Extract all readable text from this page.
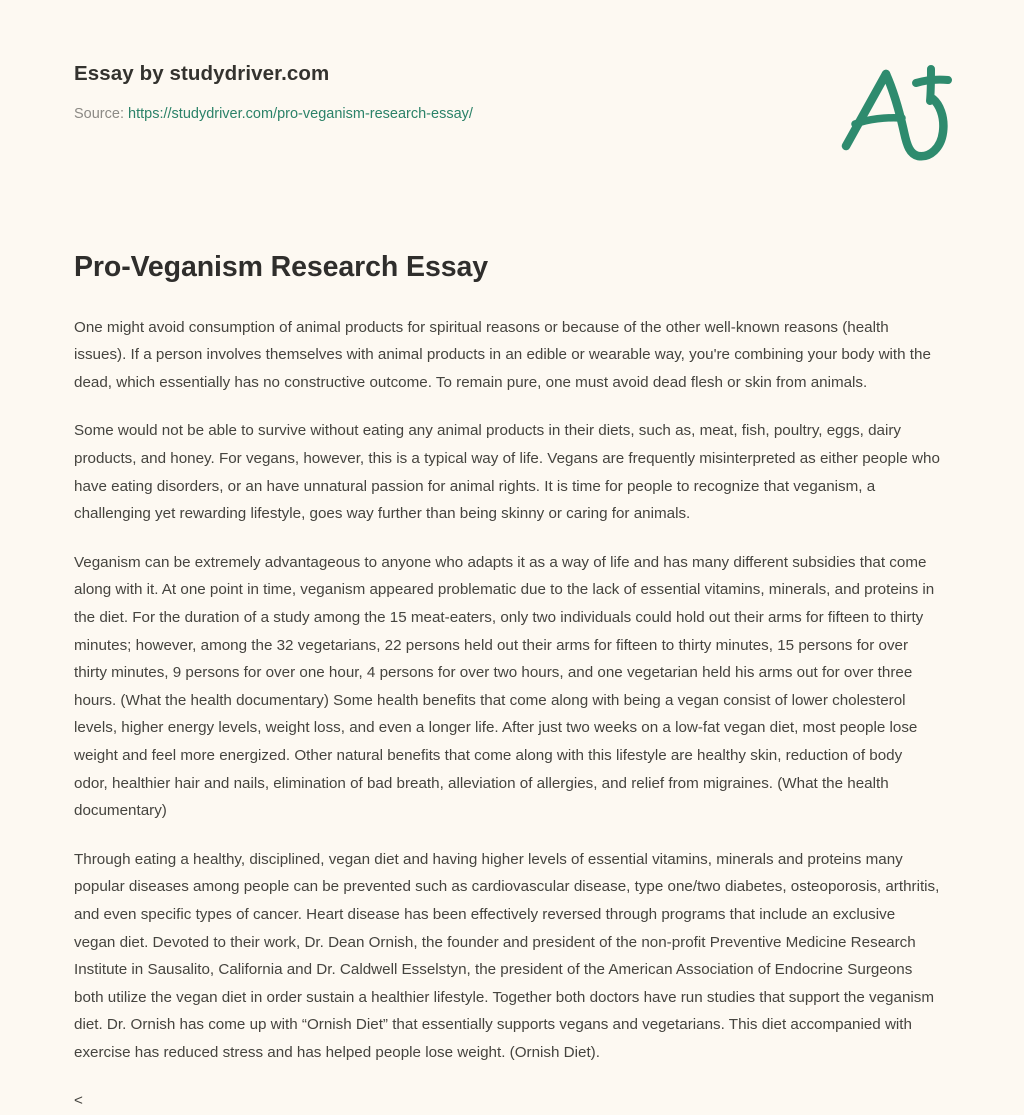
Essay by studydriver.com
Source: https://studydriver.com/pro-veganism-research-essay/
Pro-Veganism Research Essay

One might avoid consumption of animal products for spiritual reasons or because of the other well-known reasons (health issues). If a person involves themselves with animal products in an edible or wearable way, you're combining your body with the dead, which essentially has no constructive outcome. To remain pure, one must avoid dead flesh or skin from animals.

Some would not be able to survive without eating any animal products in their diets, such as, meat, fish, poultry, eggs, dairy products, and honey. For vegans, however, this is a typical way of life. Vegans are frequently misinterpreted as either people who have eating disorders, or an have unnatural passion for animal rights. It is time for people to recognize that veganism, a challenging yet rewarding lifestyle, goes way further than being skinny or caring for animals.

Veganism can be extremely advantageous to anyone who adapts it as a way of life and has many different subsidies that come along with it. At one point in time, veganism appeared problematic due to the lack of essential vitamins, minerals, and proteins in the diet. For the duration of a study among the 15 meat-eaters, only two individuals could hold out their arms for fifteen to thirty minutes; however, among the 32 vegetarians, 22 persons held out their arms for fifteen to thirty minutes, 15 persons for over thirty minutes, 9 persons for over one hour, 4 persons for over two hours, and one vegetarian held his arms out for over three hours. (What the health documentary) Some health benefits that come along with being a vegan consist of lower cholesterol levels, higher energy levels, weight loss, and even a longer life. After just two weeks on a low-fat vegan diet, most people lose weight and feel more energized. Other natural benefits that come along with this lifestyle are healthy skin, reduction of body odor, healthier hair and nails, elimination of bad breath, alleviation of allergies, and relief from migraines. (What the health documentary)

Through eating a healthy, disciplined, vegan diet and having higher levels of essential vitamins, minerals and proteins many popular diseases among people can be prevented such as cardiovascular disease, type one/two diabetes, osteoporosis, arthritis, and even specific types of cancer. Heart disease has been effectively reversed through programs that include an exclusive vegan diet. Devoted to their work, Dr. Dean Ornish, the founder and president of the non-profit Preventive Medicine Research Institute in Sausalito, California and Dr. Caldwell Esselstyn, the president of the American Association of Endocrine Surgeons both utilize the vegan diet in order sustain a healthier lifestyle. Together both doctors have run studies that support the veganism diet. Dr. Ornish has come up with “Ornish Diet” that essentially supports vegans and vegetarians. This diet accompanied with exercise has reduced stress and has helped people lose weight. (Ornish Diet).

<
